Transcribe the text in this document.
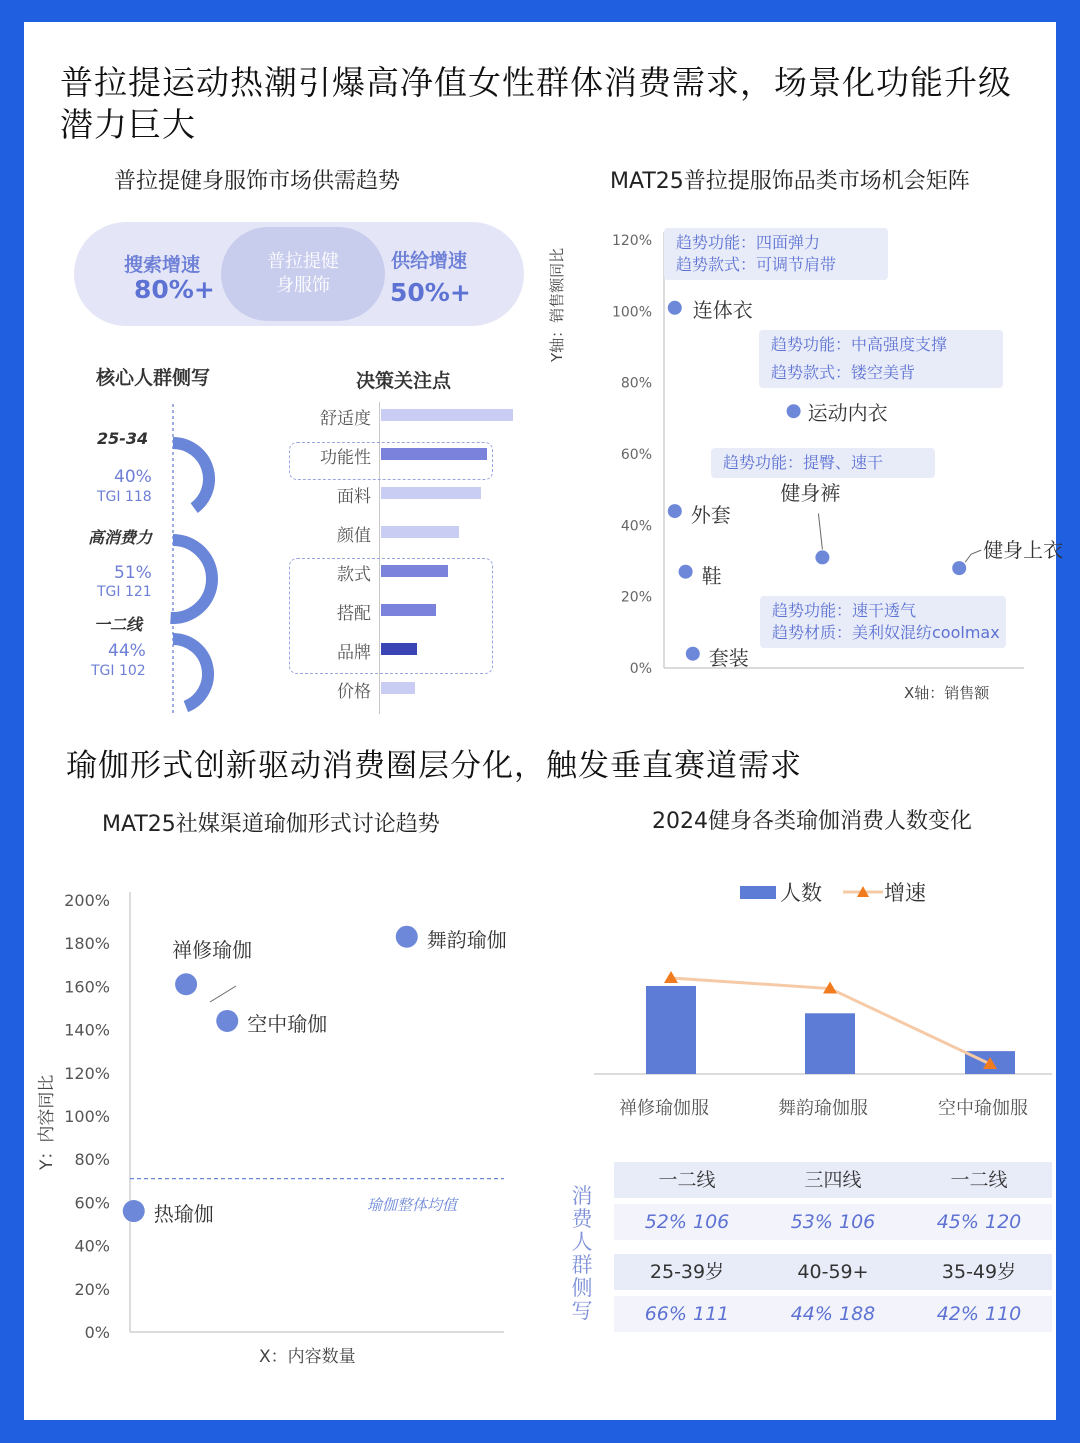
普拉提运动热潮引爆高净值女性群体消费需求，场景化功能升级潜力巨大
普拉提健身服饰市场供需趋势
搜索增速
80%+
普拉提健
身服饰
供给增速
50%+
核心人群侧写	决策关注点
25-34
40%
TGI 118
高消费力
51%
TGI 121
一二线
44%
TGI 102
舒适度
功能性
面料
颜值
款式
搭配
品牌
价格
MAT25普拉提服饰品类市场机会矩阵
0%
20%
40%
60%
80%
100%
120%
Y轴：销售额同比
X轴：销售额
连体衣
运动内衣
外套
鞋
健身裤
健身上衣
套装
趋势功能：四面弹力
趋势款式：可调节肩带
趋势功能：中高强度支撑
趋势款式：镂空美背
趋势功能：提臀、速干
趋势功能：速干透气
趋势材质：美利奴混纺coolmax
瑜伽形式创新驱动消费圈层分化，触发垂直赛道需求
MAT25社媒渠道瑜伽形式讨论趋势
0%
20%
40%
60%
80%
100%
120%
140%
160%
180%
200%
Y：内容同比
X：内容数量
瑜伽整体均值
禅修瑜伽
空中瑜伽
舞韵瑜伽
热瑜伽
2024健身各类瑜伽消费人数变化
人数	增速
禅修瑜伽服	舞韵瑜伽服	空中瑜伽服
消费人群侧写
一二线	三四线	一二线
52% 106	53% 106	45% 120
25-39岁	40-59+	35-49岁
66% 111	44% 188	42% 110
